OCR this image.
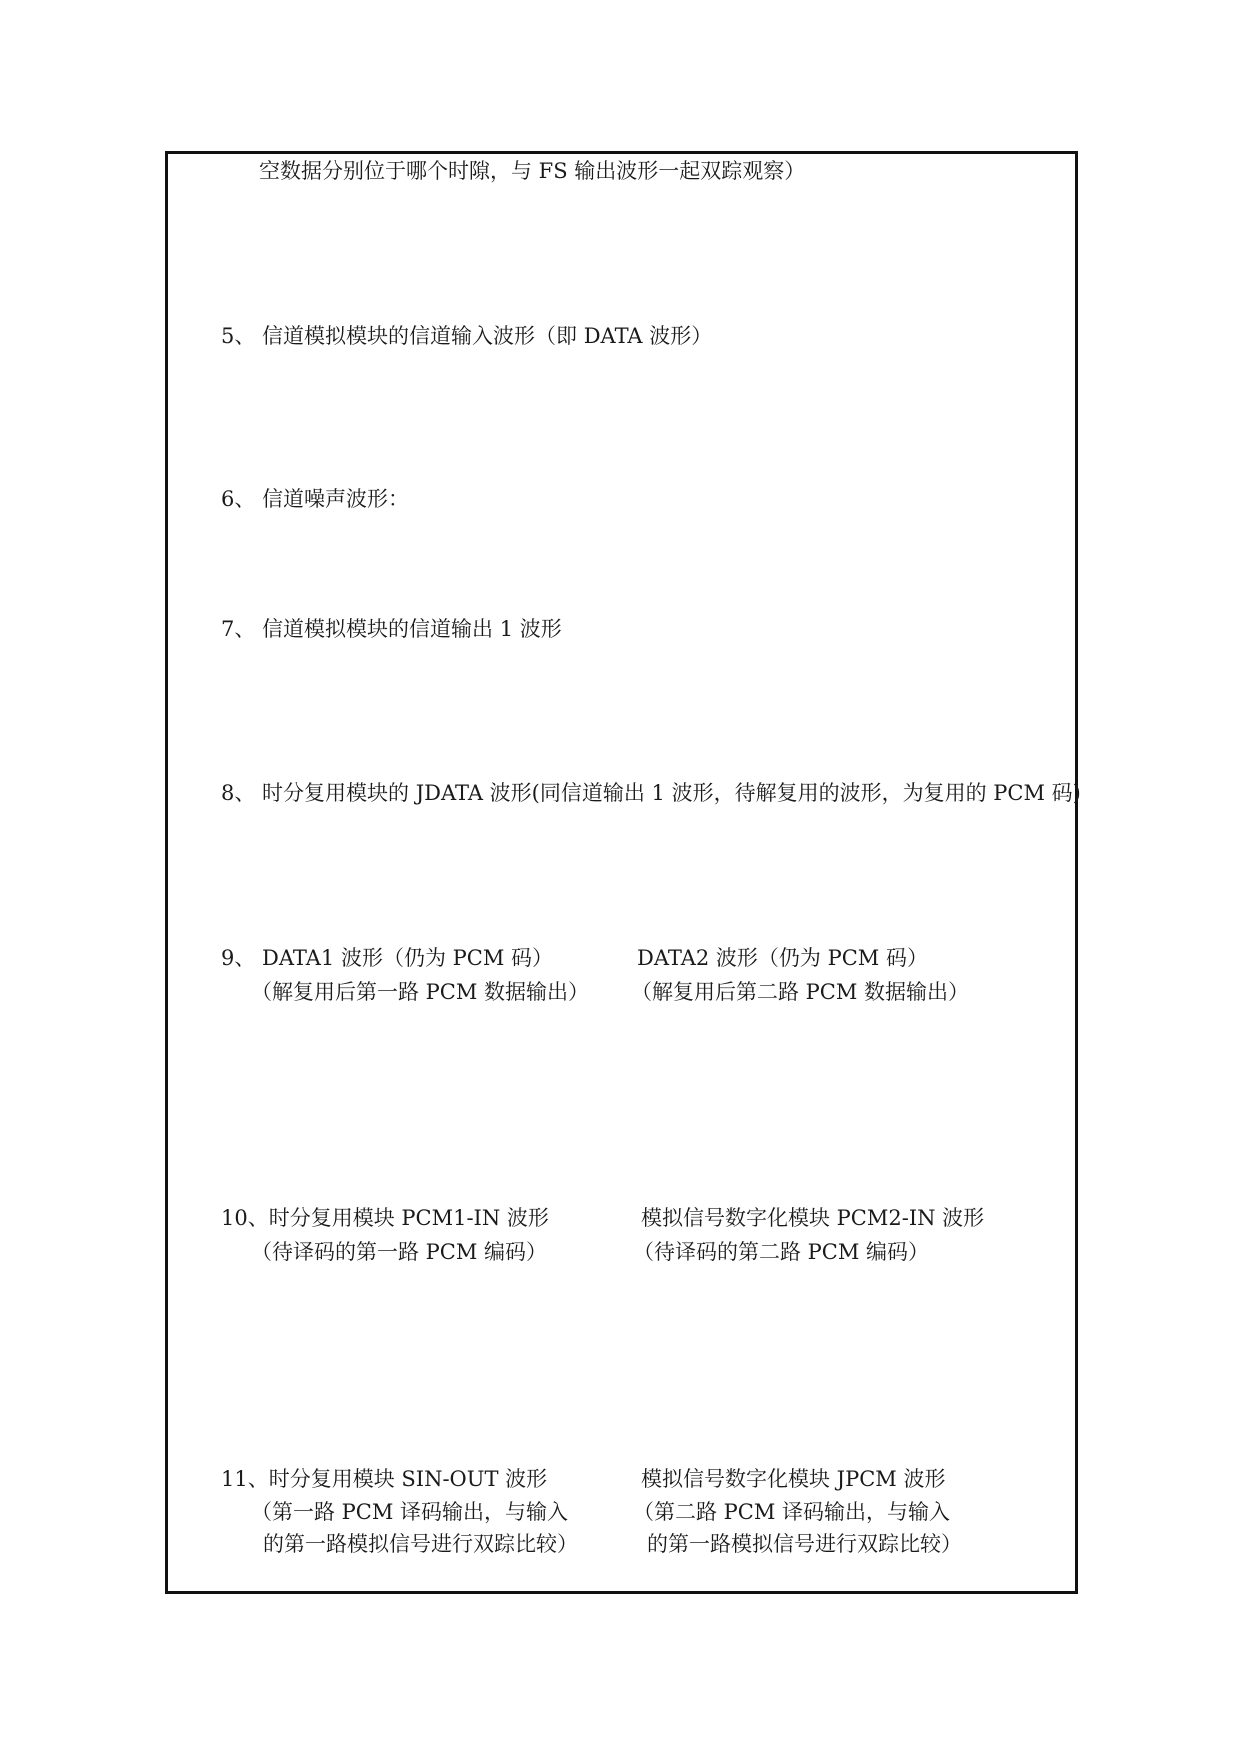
空数据分别位于哪个时隙，与 FS 输出波形一起双踪观察）
5、 信道模拟模块的信道输入波形（即 DATA 波形）
6、 信道噪声波形：
7、 信道模拟模块的信道输出 1 波形
8、 时分复用模块的 JDATA 波形(同信道输出 1 波形，待解复用的波形，为复用的 PCM 码)
9、 DATA1 波形（仍为 PCM 码）	DATA2 波形（仍为 PCM 码）
（解复用后第一路 PCM 数据输出） （解复用后第二路 PCM 数据输出）
10、时分复用模块 PCM1-IN 波形	模拟信号数字化模块 PCM2-IN 波形
（待译码的第一路 PCM 编码）	（待译码的第二路 PCM 编码）
11、时分复用模块 SIN-OUT 波形	模拟信号数字化模块 JPCM 波形
（第一路 PCM 译码输出，与输入	（第二路 PCM 译码输出，与输入
的第一路模拟信号进行双踪比较）	的第一路模拟信号进行双踪比较）
